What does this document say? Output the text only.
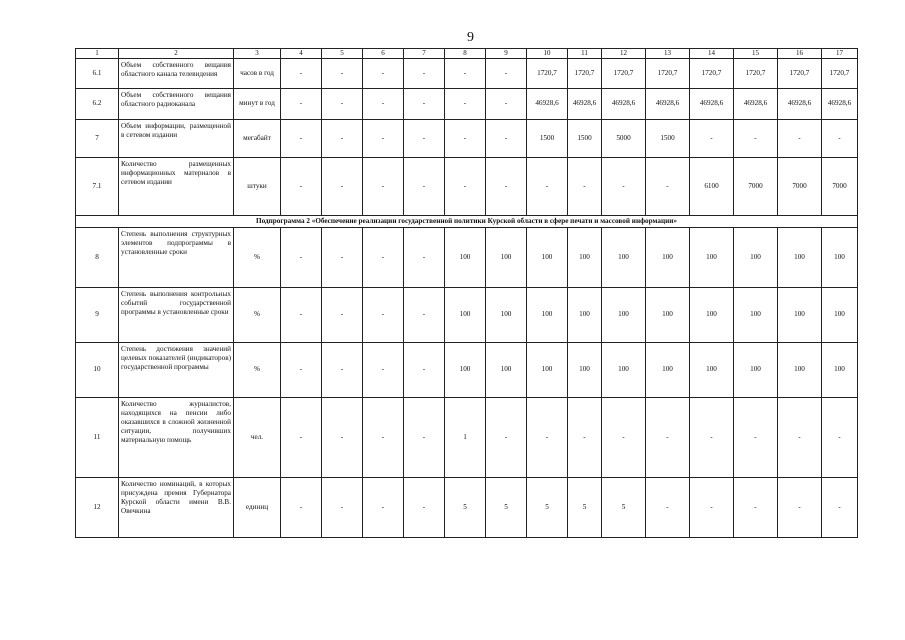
9
1	2	3	4	5	6	7	8	9	10	11	12	13	14	15	16	17
6.1	Объем собственного вещания областного канала телевидения	часов в год	-	-	-	-	-	-	1720,7	1720,7	1720,7	1720,7	1720,7	1720,7	1720,7	1720,7
6.2	Объем собственного вещания областного радиоканала	минут в год	-	-	-	-	-	-	46928,6	46928,6	46928,6	46928,6	46928,6	46928,6	46928,6	46928,6
7	Объем информации, размещенной в сетевом издании	мегабайт	-	-	-	-	-	-	1500	1500	5000	1500	-	-	-	-
7.1	Количество размещенных информационных материалов в сетевом издании	штуки	-	-	-	-	-	-	-	-	-	-	6100	7000	7000	7000
Подпрограмма 2 «Обеспечение реализации государственной политики Курской области в сфере печати и массовой информации»																
8	Степень выполнения структурных элементов подпрограммы в установленные сроки	%	-	-	-	-	100	100	100	100	100	100	100	100	100	100
9	Степень выполнения контрольных событий государственной программы в установленные сроки	%	-	-	-	-	100	100	100	100	100	100	100	100	100	100
10	Степень достижения значений целевых показателей (индикаторов) государственной программы	%	-	-	-	-	100	100	100	100	100	100	100	100	100	100
11	Количество журналистов, находящихся на пенсии либо оказавшихся в сложной жизненной ситуации, получивших материальную помощь	чел.	-	-	-	-	1	-	-	-	-	-	-	-	-	-
12	Количество номинаций, в которых присуждена премия Губернатора Курской области имени В.В. Овечкина	единиц	-	-	-	-	5	5	5	5	5	-	-	-	-	-
